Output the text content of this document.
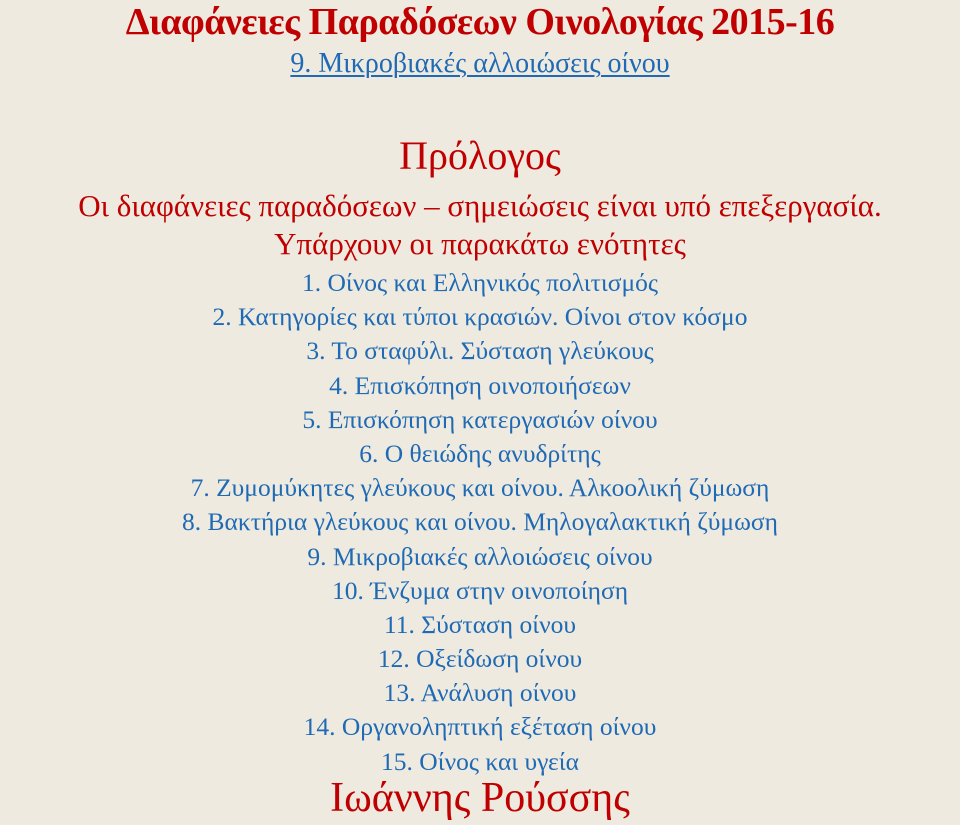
Διαφάνειες Παραδόσεων Οινολογίας 2015-16
9. Μικροβιακές αλλοιώσεις οίνου
Πρόλογος
Οι διαφάνειες παραδόσεων – σημειώσεις είναι υπό επεξεργασία.
Υπάρχουν οι παρακάτω ενότητες
1. Οίνος και Ελληνικός πολιτισμός
2. Κατηγορίες και τύποι κρασιών. Οίνοι στον κόσμο
3. Το σταφύλι. Σύσταση γλεύκους
4. Επισκόπηση οινοποιήσεων
5. Επισκόπηση κατεργασιών οίνου
6. Ο θειώδης ανυδρίτης
7. Ζυμομύκητες γλεύκους και οίνου. Αλκοολική ζύμωση
8. Βακτήρια γλεύκους και οίνου. Μηλογαλακτική ζύμωση
9. Μικροβιακές αλλοιώσεις οίνου
10. Ένζυμα στην οινοποίηση
11. Σύσταση οίνου
12. Οξείδωση οίνου
13. Ανάλυση οίνου
14. Οργανοληπτική εξέταση οίνου
15. Οίνος και υγεία
Ιωάννης Ρούσσης
